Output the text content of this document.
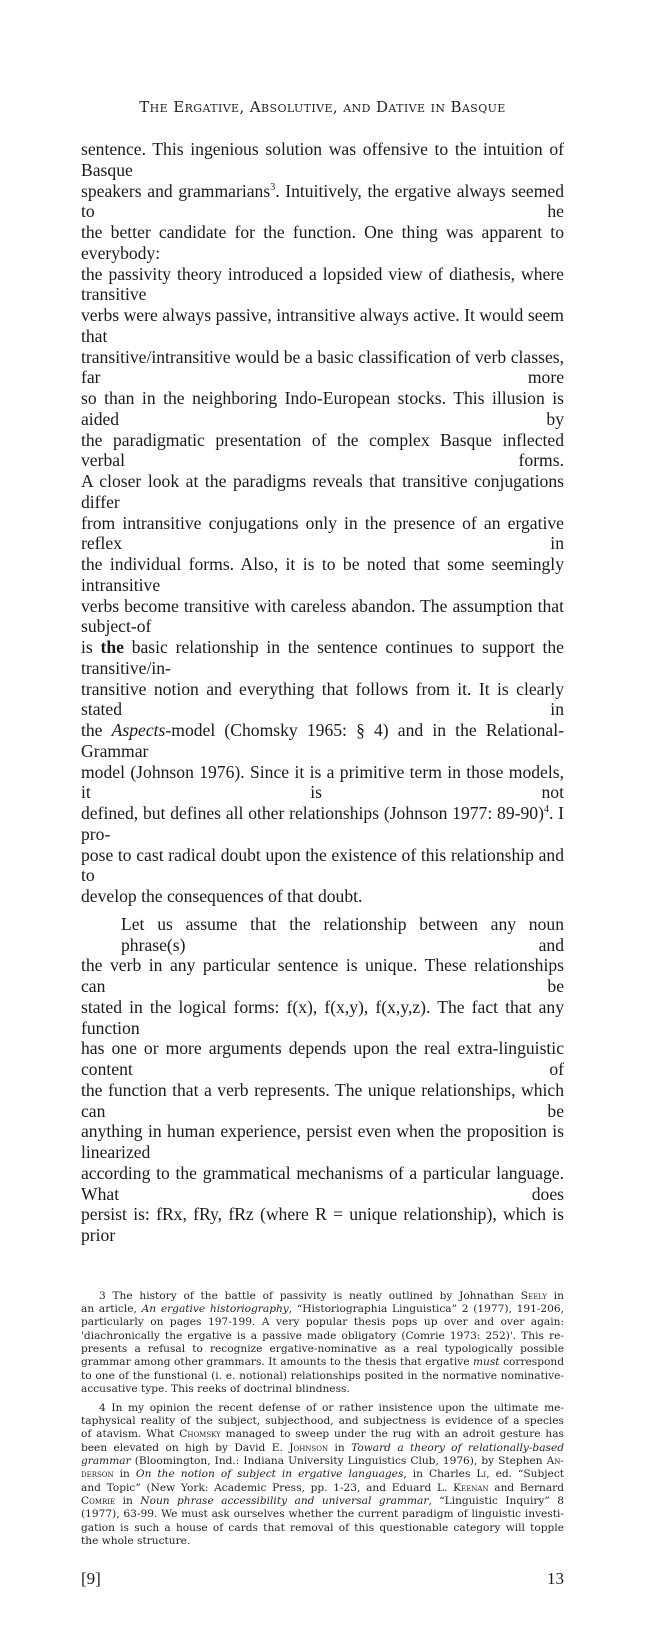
The Ergative, Absolutive, and Dative in Basque

sentence. This ingenious solution was offensive to the intuition of Basque
speakers and grammarians$^3$. Intuitively, the ergative always seemed to he
the better candidate for the function. One thing was apparent to everybody:
the passivity theory introduced a lopsided view of diathesis, where transitive
verbs were always passive, intransitive always active. It would seem that
transitive/intransitive would be a basic classification of verb classes, far more
so than in the neighboring Indo-European stocks. This illusion is aided by
the paradigmatic presentation of the complex Basque inflected verbal forms.
A closer look at the paradigms reveals that transitive conjugations differ
from intransitive conjugations only in the presence of an ergative reflex in
the individual forms. Also, it is to be noted that some seemingly intransitive
verbs become transitive with careless abandon. The assumption that subject-of
is the basic relationship in the sentence continues to support the transitive/in-
transitive notion and everything that follows from it. It is clearly stated in
the Aspects-model (Chomsky 1965: § 4) and in the Relational-Grammar
model (Johnson 1976). Since it is a primitive term in those models, it is not
defined, but defines all other relationships (Johnson 1977: 89-90)$^4$. I pro-
pose to cast radical doubt upon the existence of this relationship and to
develop the consequences of that doubt.

Let us assume that the relationship between any noun phrase(s) and
the verb in any particular sentence is unique. These relationships can be
stated in the logical forms: f(x), f(x,y), f(x,y,z). The fact that any function
has one or more arguments depends upon the real extra-linguistic content of
the function that a verb represents. The unique relationships, which can be
anything in human experience, persist even when the proposition is linearized
according to the grammatical mechanisms of a particular language. What does
persist is: fRx, fRy, fRz (where R = unique relationship), which is prior

3 The history of the battle of passivity is neatly outlined by Johnathan Seely in
an article, An ergative historiography, “Historiographia Linguistica” 2 (1977), 191-206,
particularly on pages 197-199. A very popular thesis pops up over and over again:
'diachronically the ergative is a passive made obligatory (Comrie 1973: 252)'. This re-
presents a refusal to recognize ergative-nominative as a real typologically possible
grammar among other grammars. It amounts to the thesis that ergative must correspond
to one of the funstional (i. e. notional) relationships posited in the normative nominative-
accusative type. This reeks of doctrinal blindness.

4 In my opinion the recent defense of or rather insistence upon the ultimate me-
taphysical reality of the subject, subjecthood, and subjectness is evidence of a species
of atavism. What Chomsky managed to sweep under the rug with an adroit gesture has
been elevated on high by David E. Johnson in Toward a theory of relationally-based
grammar (Bloomington, Ind.: Indiana University Linguistics Club, 1976), by Stephen An-
derson in On the notion of subject in ergative languages, in Charles Li, ed. “Subject
and Topic” (New York: Academic Press, pp. 1-23, and Eduard L. Keenan and Bernard
Comrie in Noun phrase accessibility and universal grammar, “Linguistic Inquiry” 8
(1977), 63-99. We must ask ourselves whether the current paradigm of linguistic investi-
gation is such a house of cards that removal of this questionable category will topple
the whole structure.

[9]	13
